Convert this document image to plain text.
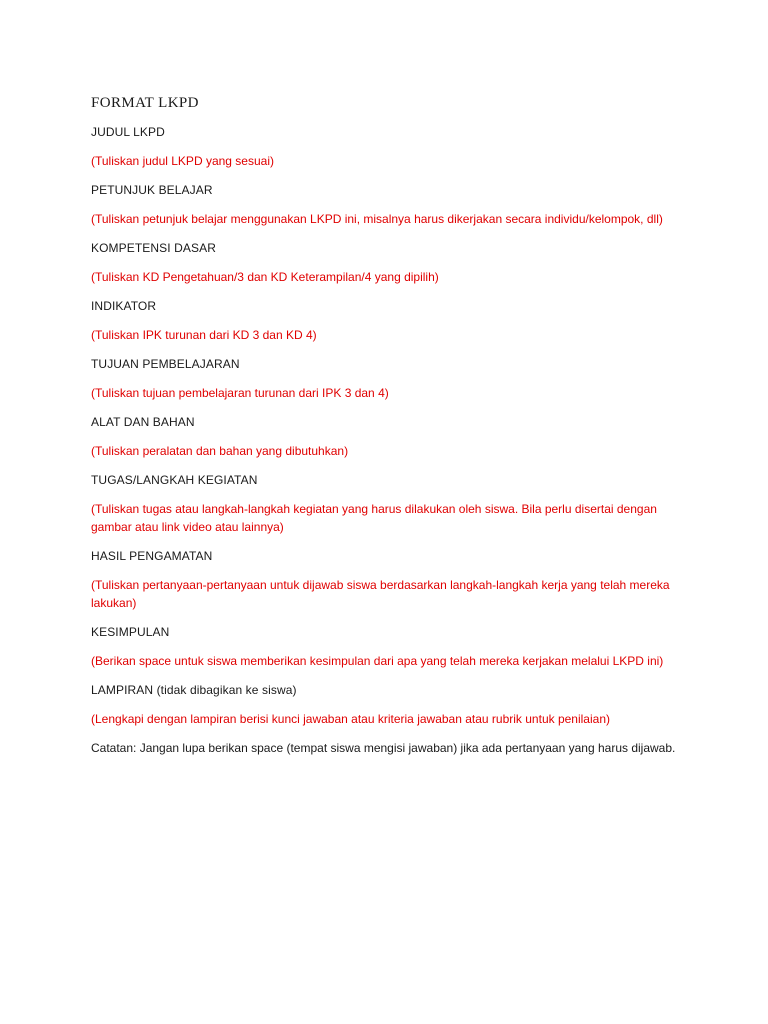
FORMAT LKPD
JUDUL LKPD
(Tuliskan judul LKPD yang sesuai)
PETUNJUK BELAJAR
(Tuliskan petunjuk belajar menggunakan LKPD ini, misalnya harus dikerjakan secara individu/kelompok, dll)
KOMPETENSI DASAR
(Tuliskan KD Pengetahuan/3 dan KD Keterampilan/4 yang dipilih)
INDIKATOR
(Tuliskan IPK turunan dari KD 3 dan KD 4)
TUJUAN PEMBELAJARAN
(Tuliskan tujuan pembelajaran turunan dari IPK 3 dan 4)
ALAT DAN BAHAN
(Tuliskan peralatan dan bahan yang dibutuhkan)
TUGAS/LANGKAH KEGIATAN
(Tuliskan tugas atau langkah-langkah kegiatan yang harus dilakukan oleh siswa. Bila perlu disertai dengan gambar atau link video atau lainnya)
HASIL PENGAMATAN
(Tuliskan pertanyaan-pertanyaan untuk dijawab siswa berdasarkan langkah-langkah kerja yang telah mereka lakukan)
KESIMPULAN
(Berikan space untuk siswa memberikan kesimpulan dari apa yang telah mereka kerjakan melalui LKPD ini)
LAMPIRAN (tidak dibagikan ke siswa)
(Lengkapi dengan lampiran berisi kunci jawaban atau kriteria jawaban atau rubrik untuk penilaian)
Catatan: Jangan lupa berikan space (tempat siswa mengisi jawaban) jika ada pertanyaan yang harus dijawab.
